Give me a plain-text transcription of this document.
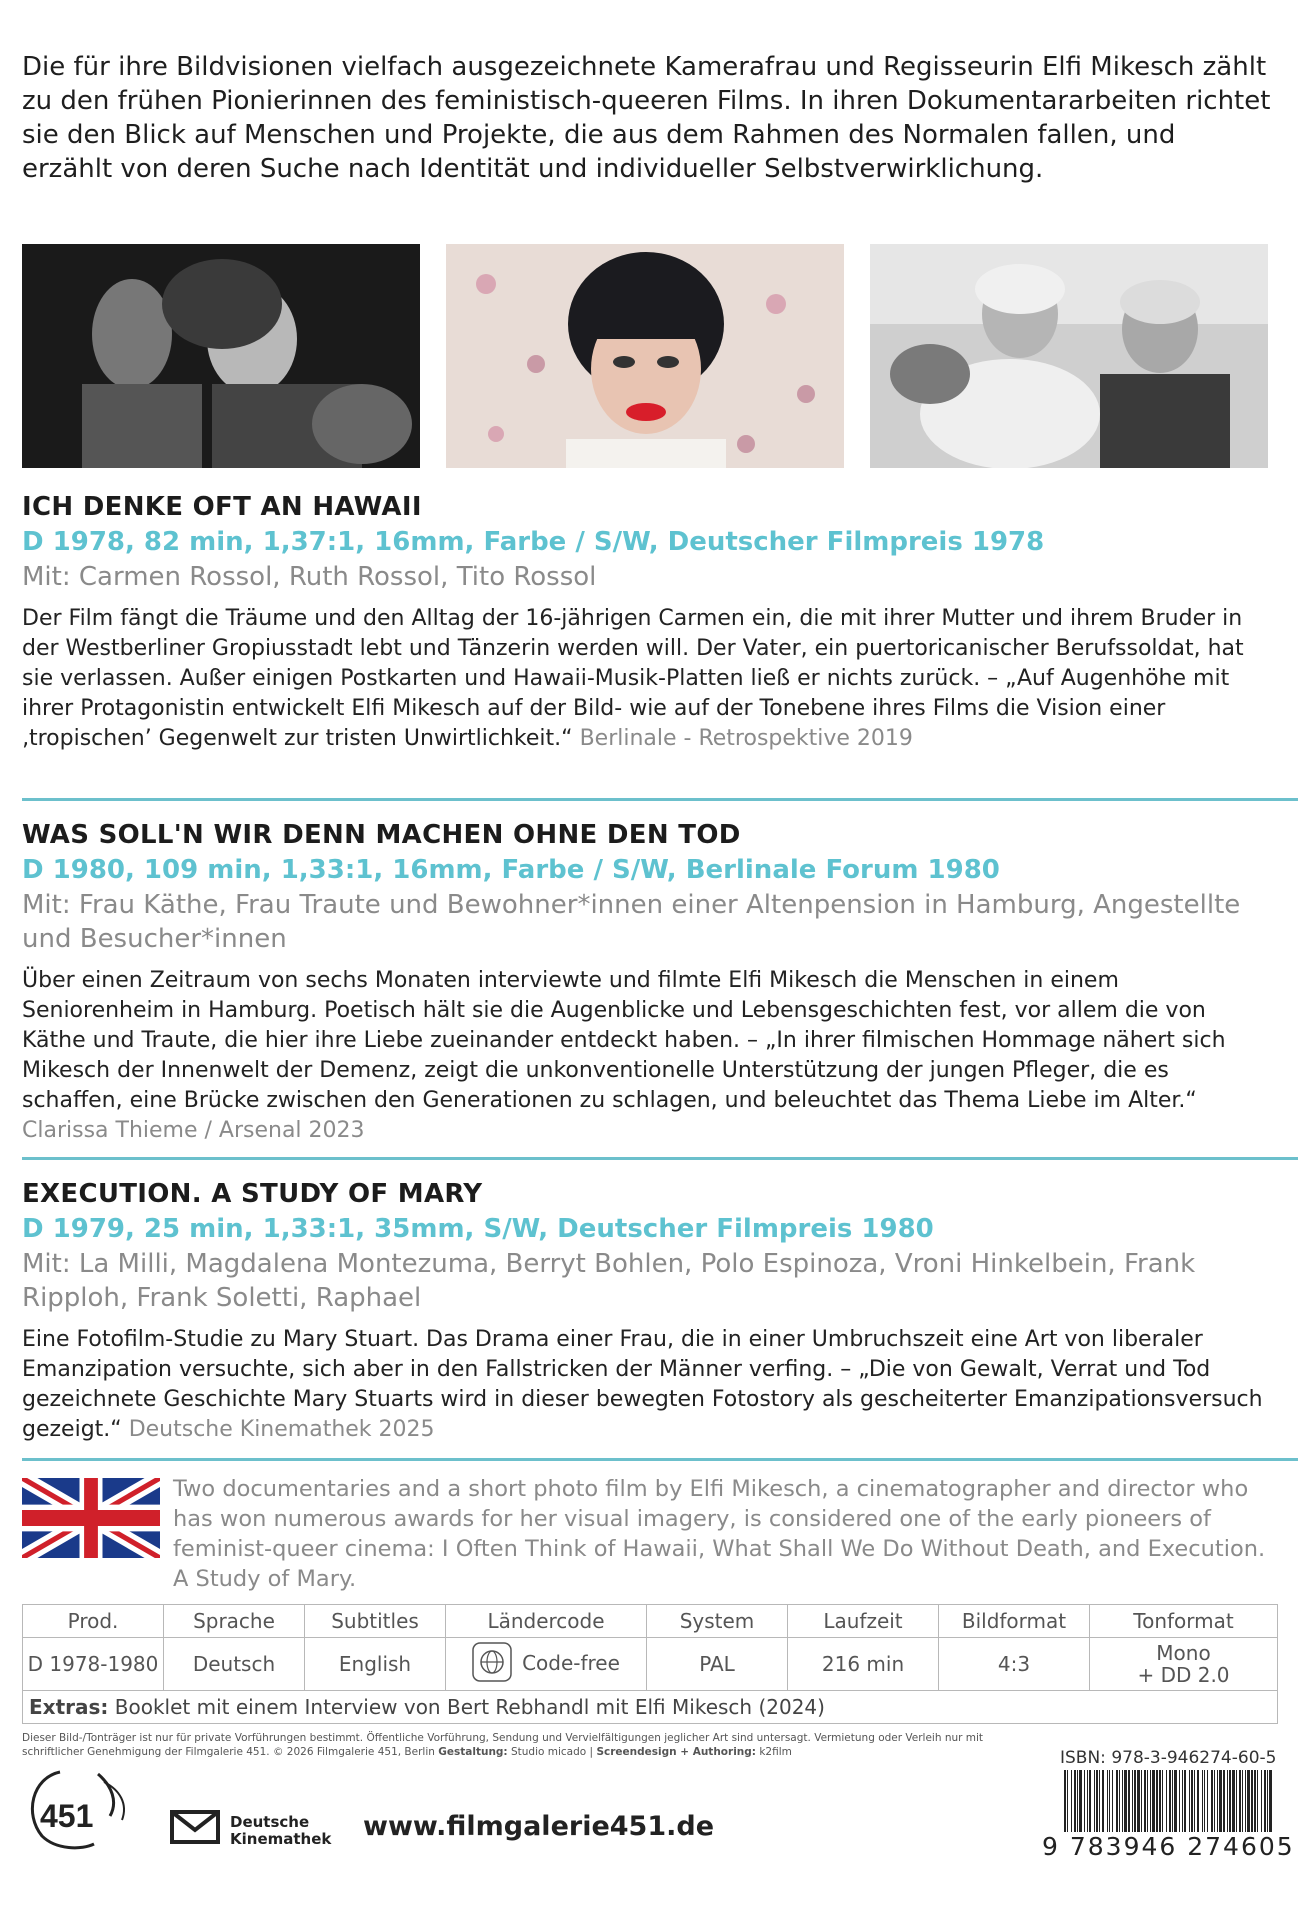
Die für ihre Bildvisionen vielfach ausgezeichnete Kamerafrau und Regisseurin Elfi Mikesch zählt zu den frühen Pionierinnen des feministisch-queeren Films. In ihren Dokumentararbeiten richtet sie den Blick auf Menschen und Projekte, die aus dem Rahmen des Normalen fallen, und erzählt von deren Suche nach Identität und individueller Selbstverwirklichung.
ICH DENKE OFT AN HAWAII
D 1978, 82 min, 1,37:1, 16mm, Farbe / S/W, Deutscher Filmpreis 1978
Mit: Carmen Rossol, Ruth Rossol, Tito Rossol
Der Film fängt die Träume und den Alltag der 16-jährigen Carmen ein, die mit ihrer Mutter und ihrem Bruder in der Westberliner Gropiusstadt lebt und Tänzerin werden will. Der Vater, ein puertoricanischer Berufssoldat, hat sie verlassen. Außer einigen Postkarten und Hawaii-Musik-Platten ließ er nichts zurück. – „Auf Augenhöhe mit ihrer Protagonistin entwickelt Elfi Mikesch auf der Bild- wie auf der Tonebene ihres Films die Vision einer ‚tropischen’ Gegenwelt zur tristen Unwirtlichkeit.“ Berlinale - Retrospektive 2019
WAS SOLL'N WIR DENN MACHEN OHNE DEN TOD
D 1980, 109 min, 1,33:1, 16mm, Farbe / S/W, Berlinale Forum 1980
Mit: Frau Käthe, Frau Traute und Bewohner*innen einer Altenpension in Hamburg, Angestellte und Besucher*innen
Über einen Zeitraum von sechs Monaten interviewte und filmte Elfi Mikesch die Menschen in einem Seniorenheim in Hamburg. Poetisch hält sie die Augenblicke und Lebensgeschichten fest, vor allem die von Käthe und Traute, die hier ihre Liebe zueinander entdeckt haben. – „In ihrer filmischen Hommage nähert sich Mikesch der Innenwelt der Demenz, zeigt die unkonventionelle Unterstützung der jungen Pfleger, die es schaffen, eine Brücke zwischen den Generationen zu schlagen, und beleuchtet das Thema Liebe im Alter.“ Clarissa Thieme / Arsenal 2023
EXECUTION. A STUDY OF MARY
D 1979, 25 min, 1,33:1, 35mm, S/W, Deutscher Filmpreis 1980
Mit: La Milli, Magdalena Montezuma, Berryt Bohlen, Polo Espinoza, Vroni Hinkelbein, Frank Ripploh, Frank Soletti, Raphael
Eine Fotofilm-Studie zu Mary Stuart. Das Drama einer Frau, die in einer Umbruchszeit eine Art von liberaler Emanzipation versuchte, sich aber in den Fallstricken der Männer verfing. – „Die von Gewalt, Verrat und Tod gezeichnete Geschichte Mary Stuarts wird in dieser bewegten Fotostory als gescheiterter Emanzipationsversuch gezeigt.“ Deutsche Kinemathek 2025
Two documentaries and a short photo film by Elfi Mikesch, a cinematographer and director who has won numerous awards for her visual imagery, is considered one of the early pioneers of feminist-queer cinema: I Often Think of Hawaii, What Shall We Do Without Death, and Execution. A Study of Mary.
Prod.	Sprache	Subtitles	Ländercode	System	Laufzeit	Bildformat	Tonformat
D 1978-1980	Deutsch	English	Code-free	PAL	216 min	4:3	Mono
+ DD 2.0
Extras: Booklet mit einem Interview von Bert Rebhandl mit Elfi Mikesch (2024)							
Dieser Bild-/Tonträger ist nur für private Vorführungen bestimmt. Öffentliche Vorführung, Sendung und Vervielfältigungen jeglicher Art sind untersagt. Vermietung oder Verleih nur mit schriftlicher Genehmigung der Filmgalerie 451. © 2026 Filmgalerie 451, Berlin Gestaltung: Studio micado | Screendesign + Authoring: k2film
451	Deutsche
Kinemathek www.filmgalerie451.de
ISBN: 978-3-946274-60-5
9 783946 274605
